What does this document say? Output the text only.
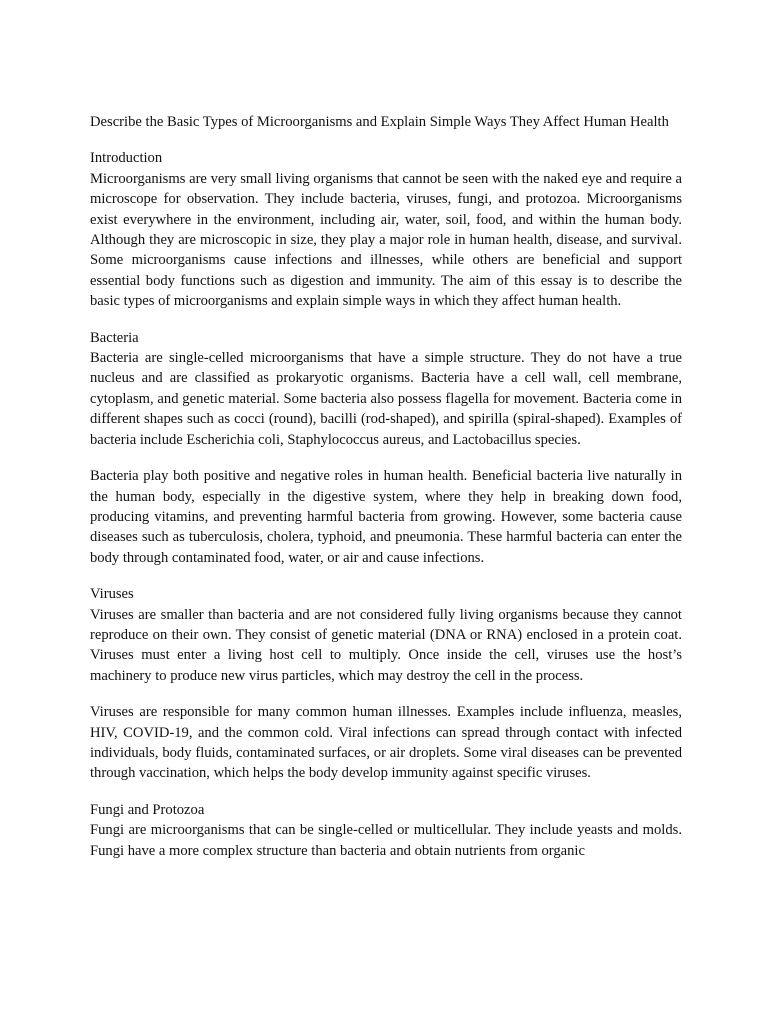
Describe the Basic Types of Microorganisms and Explain Simple Ways They Affect Human Health

Introduction

Microorganisms are very small living organisms that cannot be seen with the naked eye and require a microscope for observation. They include bacteria, viruses, fungi, and protozoa. Microorganisms exist everywhere in the environment, including air, water, soil, food, and within the human body. Although they are microscopic in size, they play a major role in human health, disease, and survival. Some microorganisms cause infections and illnesses, while others are beneficial and support essential body functions such as digestion and immunity. The aim of this essay is to describe the basic types of microorganisms and explain simple ways in which they affect human health.

Bacteria

Bacteria are single-celled microorganisms that have a simple structure. They do not have a true nucleus and are classified as prokaryotic organisms. Bacteria have a cell wall, cell membrane, cytoplasm, and genetic material. Some bacteria also possess flagella for movement. Bacteria come in different shapes such as cocci (round), bacilli (rod-shaped), and spirilla (spiral-shaped). Examples of bacteria include Escherichia coli, Staphylococcus aureus, and Lactobacillus species.

Bacteria play both positive and negative roles in human health. Beneficial bacteria live naturally in the human body, especially in the digestive system, where they help in breaking down food, producing vitamins, and preventing harmful bacteria from growing. However, some bacteria cause diseases such as tuberculosis, cholera, typhoid, and pneumonia. These harmful bacteria can enter the body through contaminated food, water, or air and cause infections.

Viruses

Viruses are smaller than bacteria and are not considered fully living organisms because they cannot reproduce on their own. They consist of genetic material (DNA or RNA) enclosed in a protein coat. Viruses must enter a living host cell to multiply. Once inside the cell, viruses use the host’s machinery to produce new virus particles, which may destroy the cell in the process.

Viruses are responsible for many common human illnesses. Examples include influenza, measles, HIV, COVID-19, and the common cold. Viral infections can spread through contact with infected individuals, body fluids, contaminated surfaces, or air droplets. Some viral diseases can be prevented through vaccination, which helps the body develop immunity against specific viruses.

Fungi and Protozoa

Fungi are microorganisms that can be single-celled or multicellular. They include yeasts and molds. Fungi have a more complex structure than bacteria and obtain nutrients from organic
